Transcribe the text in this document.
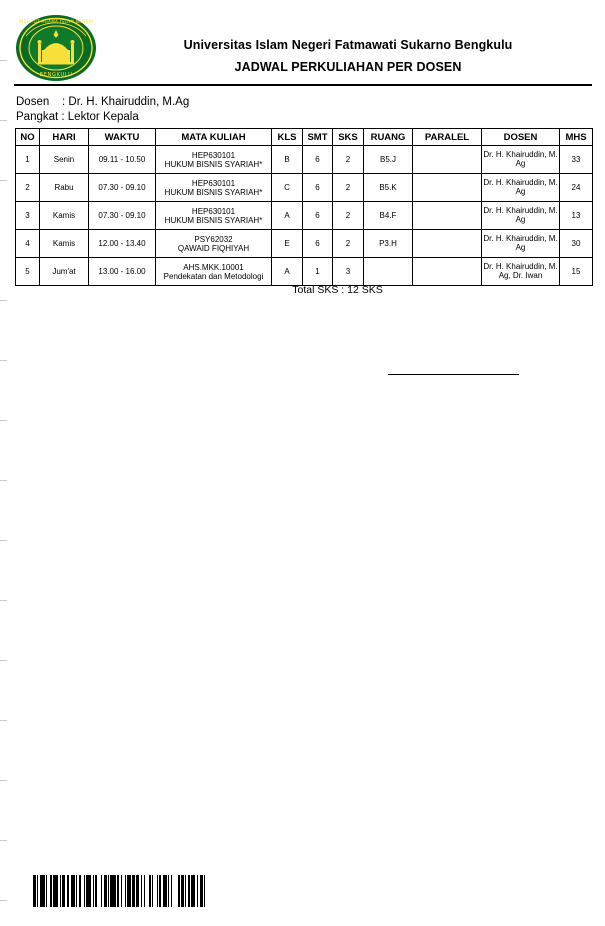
BENGKULU
INSTITUT AGAMA ISLAM NEGERI
Universitas Islam Negeri Fatmawati Sukarno Bengkulu
JADWAL PERKULIAHAN PER DOSEN
Dosen    : Dr. H. Khairuddin, M.Ag
Pangkat : Lektor Kepala
NO	HARI	WAKTU	MATA KULIAH	KLS	SMT	SKS	RUANG	PARALEL	DOSEN	MHS
1	Senin	09.11 - 10.50	HEP630101
HUKUM BISNIS SYARIAH*	B	6	2	B5.J		Dr. H. Khairuddin, M. Ag	33
2	Rabu	07.30 - 09.10	HEP630101
HUKUM BISNIS SYARIAH*	C	6	2	B5.K		Dr. H. Khairuddin, M. Ag	24
3	Kamis	07.30 - 09.10	HEP630101
HUKUM BISNIS SYARIAH*	A	6	2	B4.F		Dr. H. Khairuddin, M. Ag	13
4	Kamis	12.00 - 13.40	PSY62032
QAWAID FIQHIYAH	E	6	2	P3.H		Dr. H. Khairuddin, M. Ag	30
5	Jum'at	13.00 - 16.00	AHS.MKK.10001
Pendekatan dan Metodologi	A	1	3			Dr. H. Khairuddin, M. Ag, Dr. Iwan	15
Total SKS : 12 SKS
